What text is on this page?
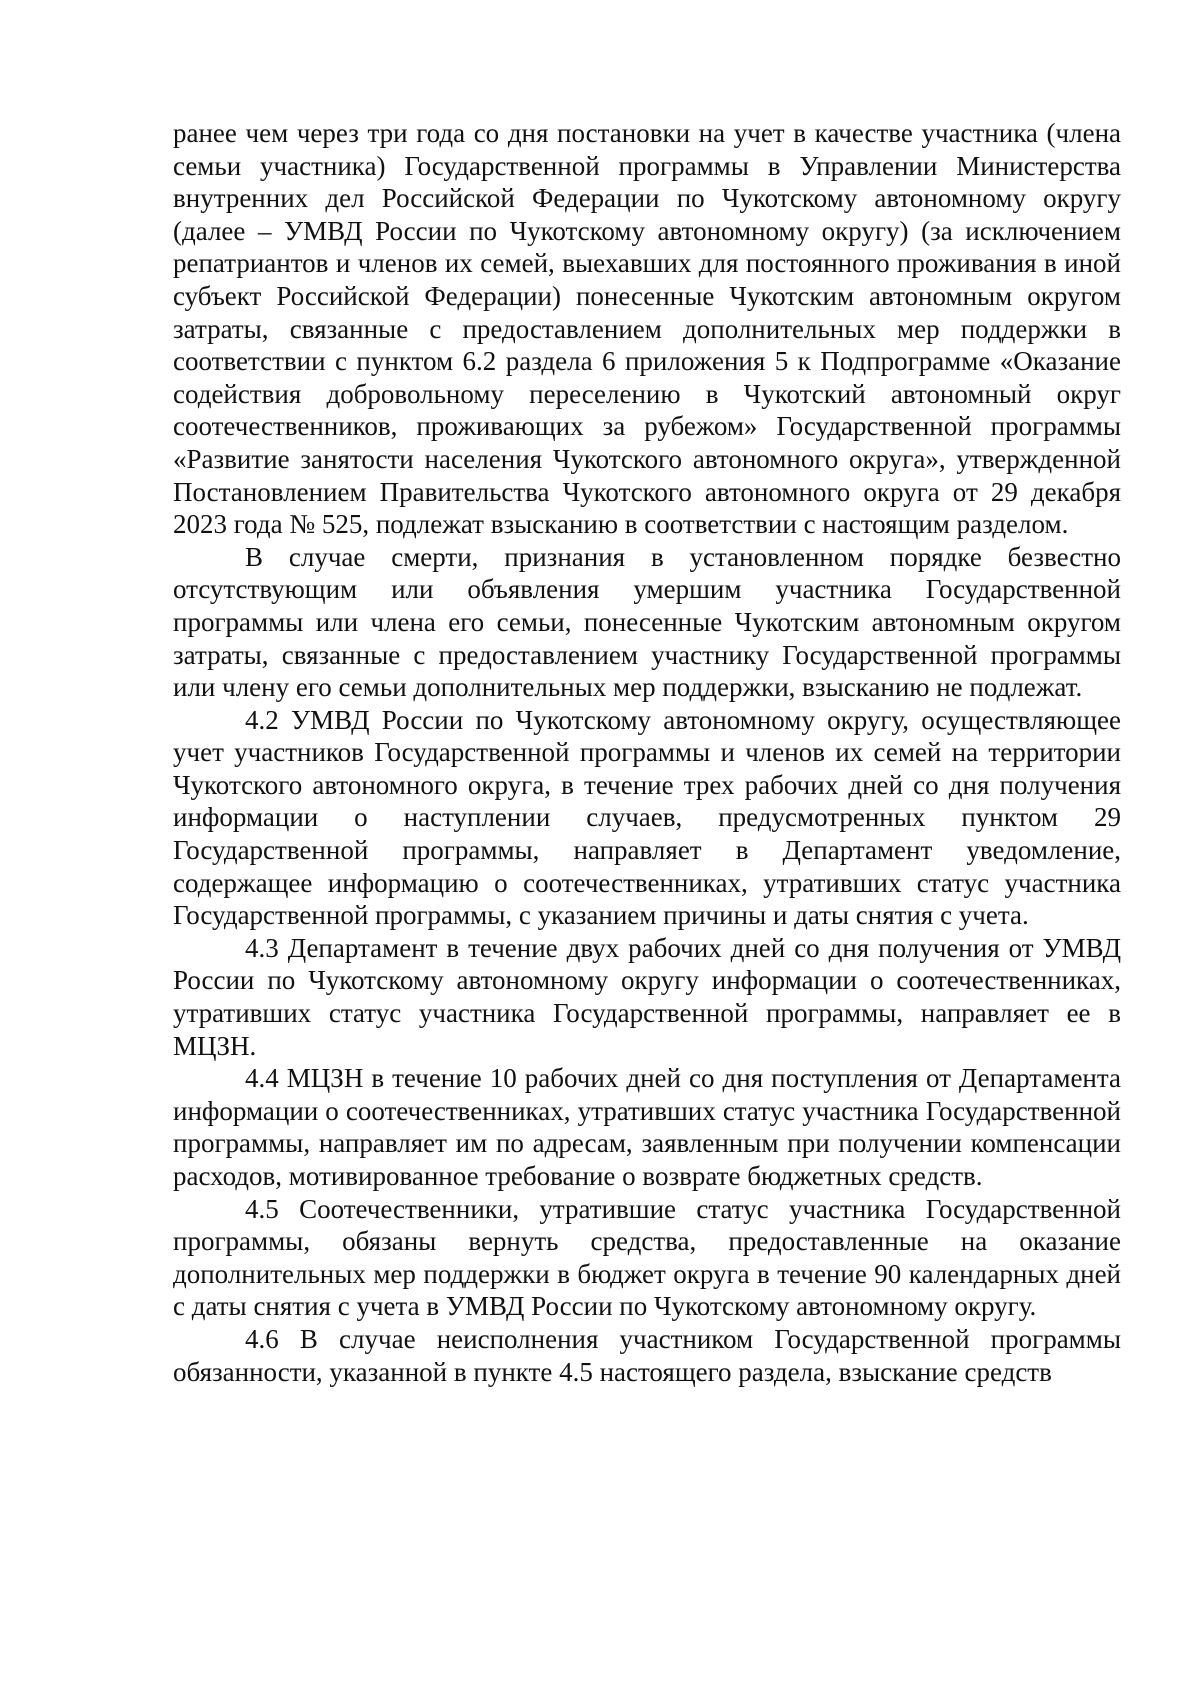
ранее чем через три года со дня постановки на учет в качестве участника (члена семьи участника) Государственной программы в Управлении Министерства внутренних дел Российской Федерации по Чукотскому автономному округу (далее – УМВД России по Чукотскому автономному округу) (за исключением репатриантов и членов их семей, выехавших для постоянного проживания в иной субъект Российской Федерации) понесенные Чукотским автономным округом затраты, связанные с предоставлением дополнительных мер поддержки в соответствии с пунктом 6.2 раздела 6 приложения 5 к Подпрограмме «Оказание содействия добровольному переселению в Чукотский автономный округ соотечественников, проживающих за рубежом» Государственной программы «Развитие занятости населения Чукотского автономного округа», утвержденной Постановлением Правительства Чукотского автономного округа от 29 декабря 2023 года № 525, подлежат взысканию в соответствии с настоящим разделом.

В случае смерти, признания в установленном порядке безвестно отсутствующим или объявления умершим участника Государственной программы или члена его семьи, понесенные Чукотским автономным округом затраты, связанные с предоставлением участнику Государственной программы или члену его семьи дополнительных мер поддержки, взысканию не подлежат.

4.2 УМВД России по Чукотскому автономному округу, осуществляющее учет участников Государственной программы и членов их семей на территории Чукотского автономного округа, в течение трех рабочих дней со дня получения информации о наступлении случаев, предусмотренных пунктом 29 Государственной программы, направляет в Департамент уведомление, содержащее информацию о соотечественниках, утративших статус участника Государственной программы, с указанием причины и даты снятия с учета.

4.3 Департамент в течение двух рабочих дней со дня получения от УМВД России по Чукотскому автономному округу информации о соотечественниках, утративших статус участника Государственной программы, направляет ее в МЦЗН.

4.4 МЦЗН в течение 10 рабочих дней со дня поступления от Департамента информации о соотечественниках, утративших статус участника Государственной программы, направляет им по адресам, заявленным при получении компенсации расходов, мотивированное требование о возврате бюджетных средств.

4.5 Соотечественники, утратившие статус участника Государственной программы, обязаны вернуть средства, предоставленные на оказание дополнительных мер поддержки в бюджет округа в течение 90 календарных дней с даты снятия с учета в УМВД России по Чукотскому автономному округу.

4.6 В случае неисполнения участником Государственной программы обязанности, указанной в пункте 4.5 настоящего раздела, взыскание средств
